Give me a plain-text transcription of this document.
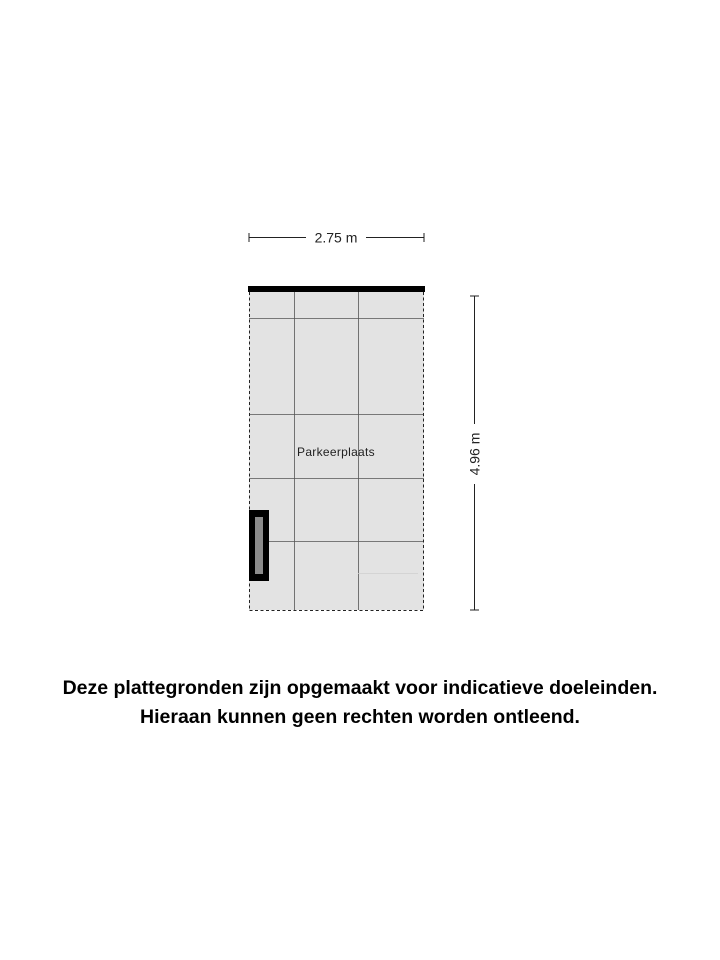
2.75 m
4.96 m
Parkeerplaats
Deze plattegronden zijn opgemaakt voor indicatieve doeleinden.
Hieraan kunnen geen rechten worden ontleend.
